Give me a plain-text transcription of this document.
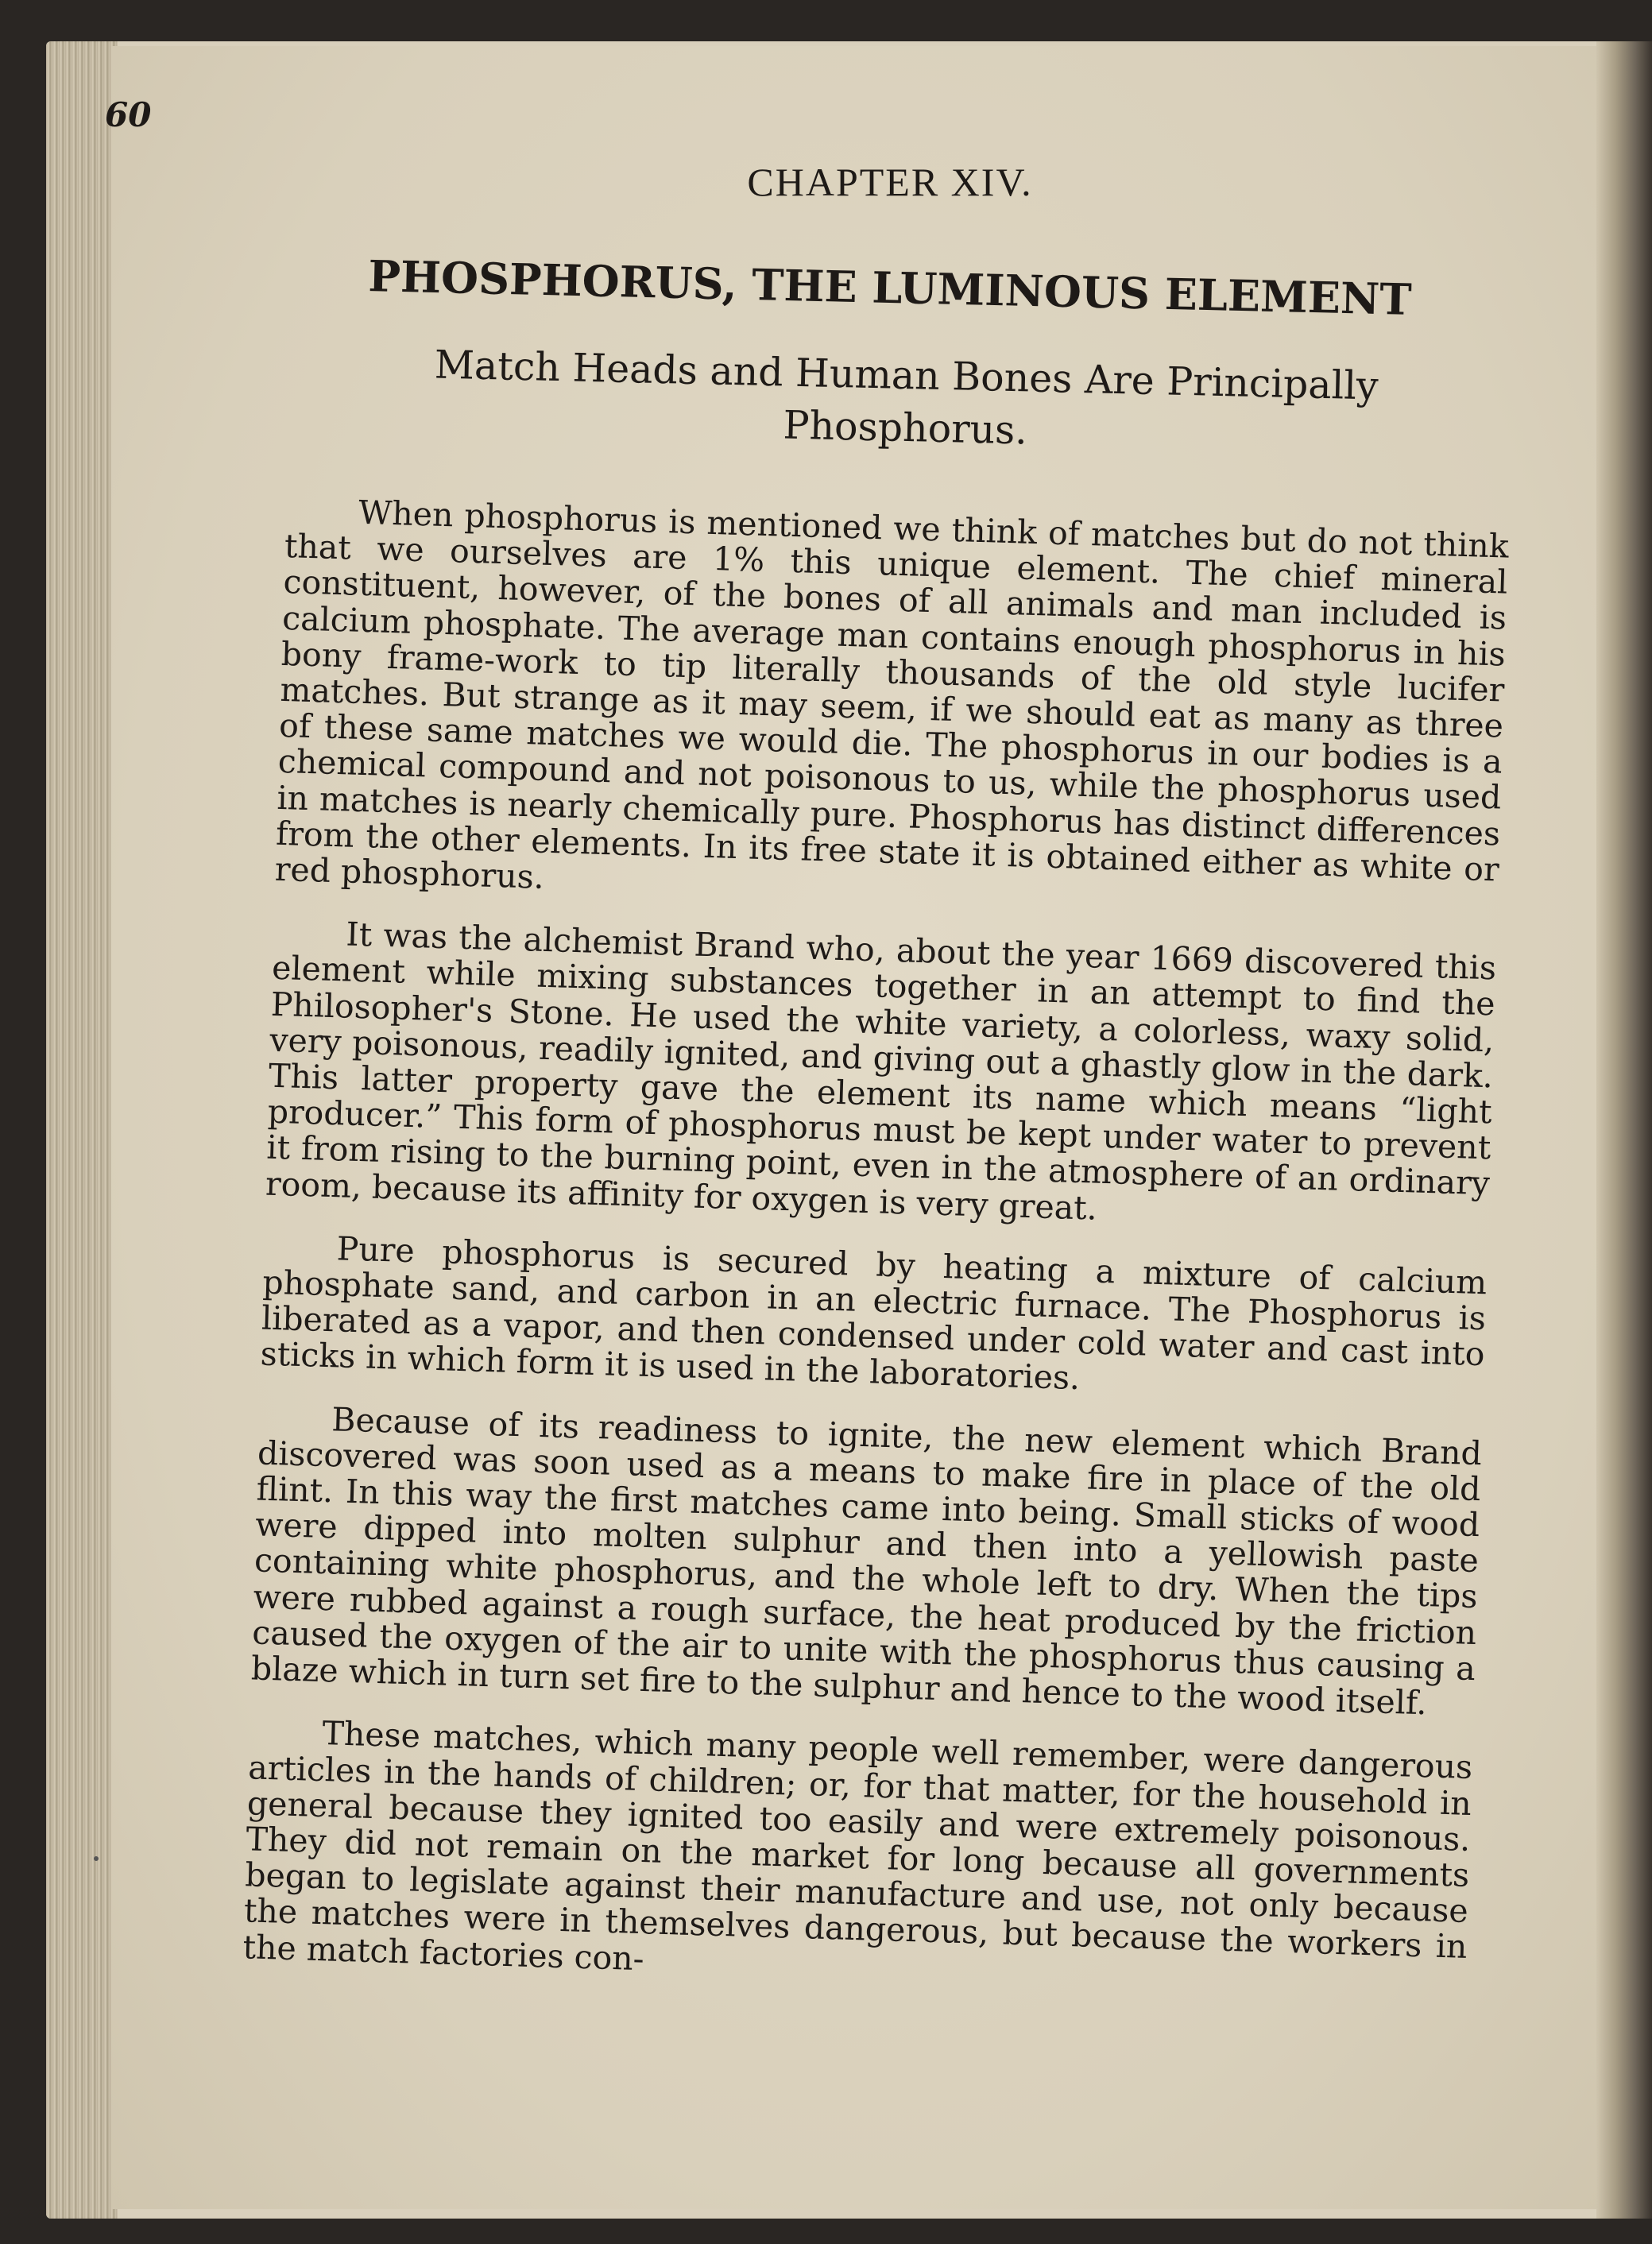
60
CHAPTER XIV.
PHOSPHORUS, THE LUMINOUS ELEMENT
Match Heads and Human Bones Are Principally Phosphorus.

When phosphorus is mentioned we think of matches but do not think that we ourselves are 1% this unique element. The chief mineral constituent, however, of the bones of all animals and man included is calcium phosphate. The average man contains enough phosphorus in his bony frame-work to tip literally thousands of the old style lucifer matches. But strange as it may seem, if we should eat as many as three of these same matches we would die. The phosphorus in our bodies is a chemical compound and not poisonous to us, while the phosphorus used in matches is nearly chemically pure. Phosphorus has distinct differences from the other elements. In its free state it is obtained either as white or red phosphorus.

It was the alchemist Brand who, about the year 1669 discovered this element while mixing substances together in an attempt to find the Philosopher's Stone. He used the white variety, a colorless, waxy solid, very poisonous, readily ignited, and giving out a ghastly glow in the dark. This latter property gave the element its name which means “light producer.” This form of phosphorus must be kept under water to prevent it from rising to the burning point, even in the atmosphere of an ordinary room, because its affinity for oxygen is very great.

Pure phosphorus is secured by heating a mixture of calcium phosphate sand, and carbon in an electric furnace. The Phosphorus is liberated as a vapor, and then condensed under cold water and cast into sticks in which form it is used in the laboratories.

Because of its readiness to ignite, the new element which Brand discovered was soon used as a means to make fire in place of the old flint. In this way the first matches came into being. Small sticks of wood were dipped into molten sulphur and then into a yellowish paste containing white phosphorus, and the whole left to dry. When the tips were rubbed against a rough surface, the heat produced by the friction caused the oxygen of the air to unite with the phosphorus thus causing a blaze which in turn set fire to the sulphur and hence to the wood itself.

These matches, which many people well remember, were dangerous articles in the hands of children; or, for that matter, for the household in general because they ignited too easily and were extremely poisonous. They did not remain on the market for long because all governments began to legislate against their manufacture and use, not only because the matches were in themselves dangerous, but because the workers in the match factories con-
